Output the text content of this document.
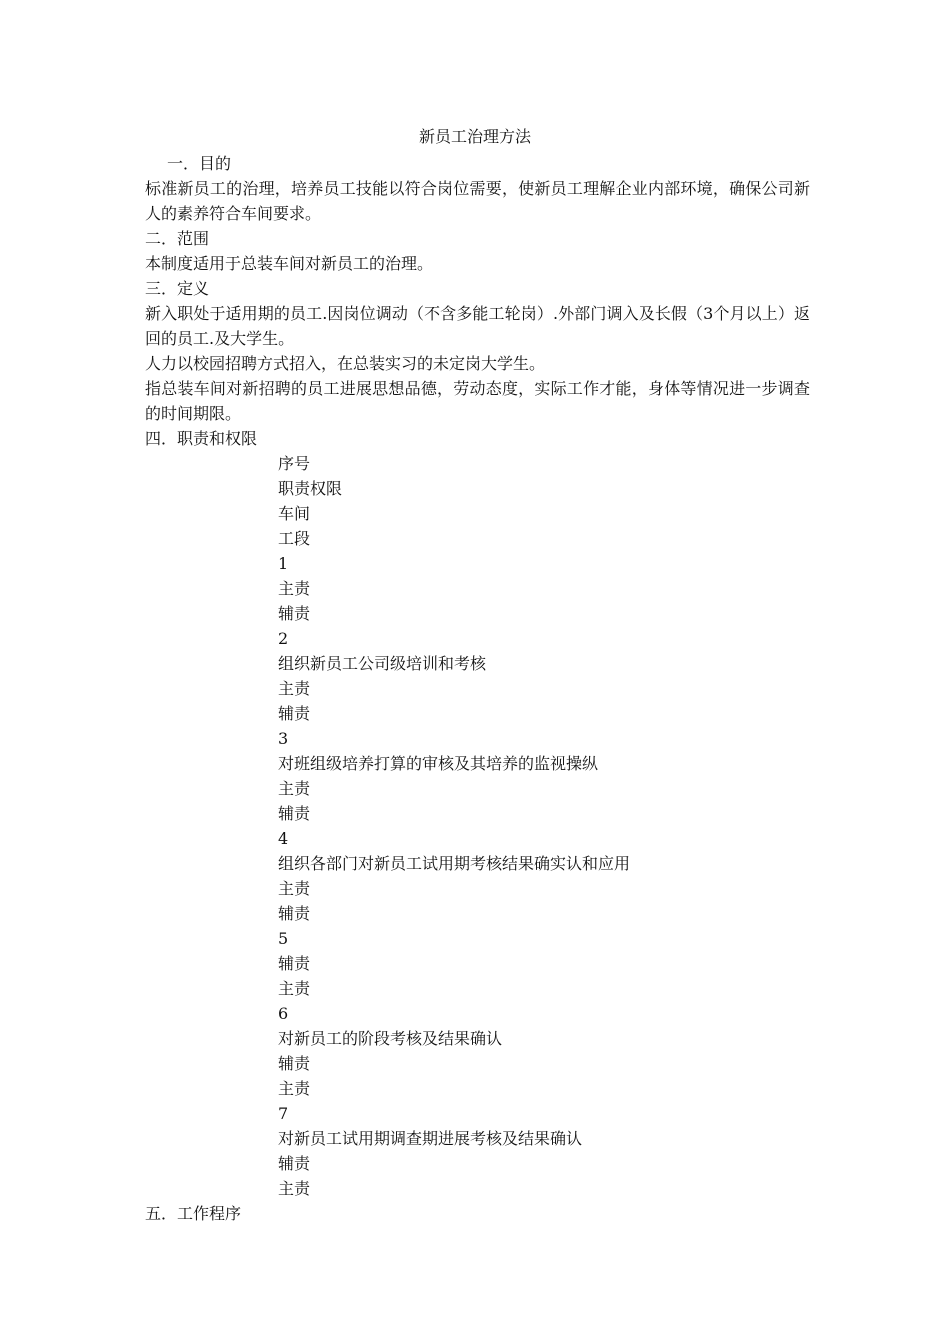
新员工治理方法
一．目的
标准新员工的治理，培养员工技能以符合岗位需要，使新员工理解企业内部环境，确保公司新人的素养符合车间要求。
二．范围
本制度适用于总装车间对新员工的治理。
三．定义
新入职处于适用期的员工.因岗位调动（不含多能工轮岗）.外部门调入及长假（3个月以上）返回的员工.及大学生。
人力以校园招聘方式招入，在总装实习的未定岗大学生。
指总装车间对新招聘的员工进展思想品德，劳动态度，实际工作才能，身体等情况进一步调查的时间期限。
四．职责和权限
序号
职责权限
车间
工段
1
主责
辅责
2
组织新员工公司级培训和考核
主责
辅责
3
对班组级培养打算的审核及其培养的监视操纵
主责
辅责
4
组织各部门对新员工试用期考核结果确实认和应用
主责
辅责
5
辅责
主责
6
对新员工的阶段考核及结果确认
辅责
主责
7
对新员工试用期调查期进展考核及结果确认
辅责
主责
五．工作程序
